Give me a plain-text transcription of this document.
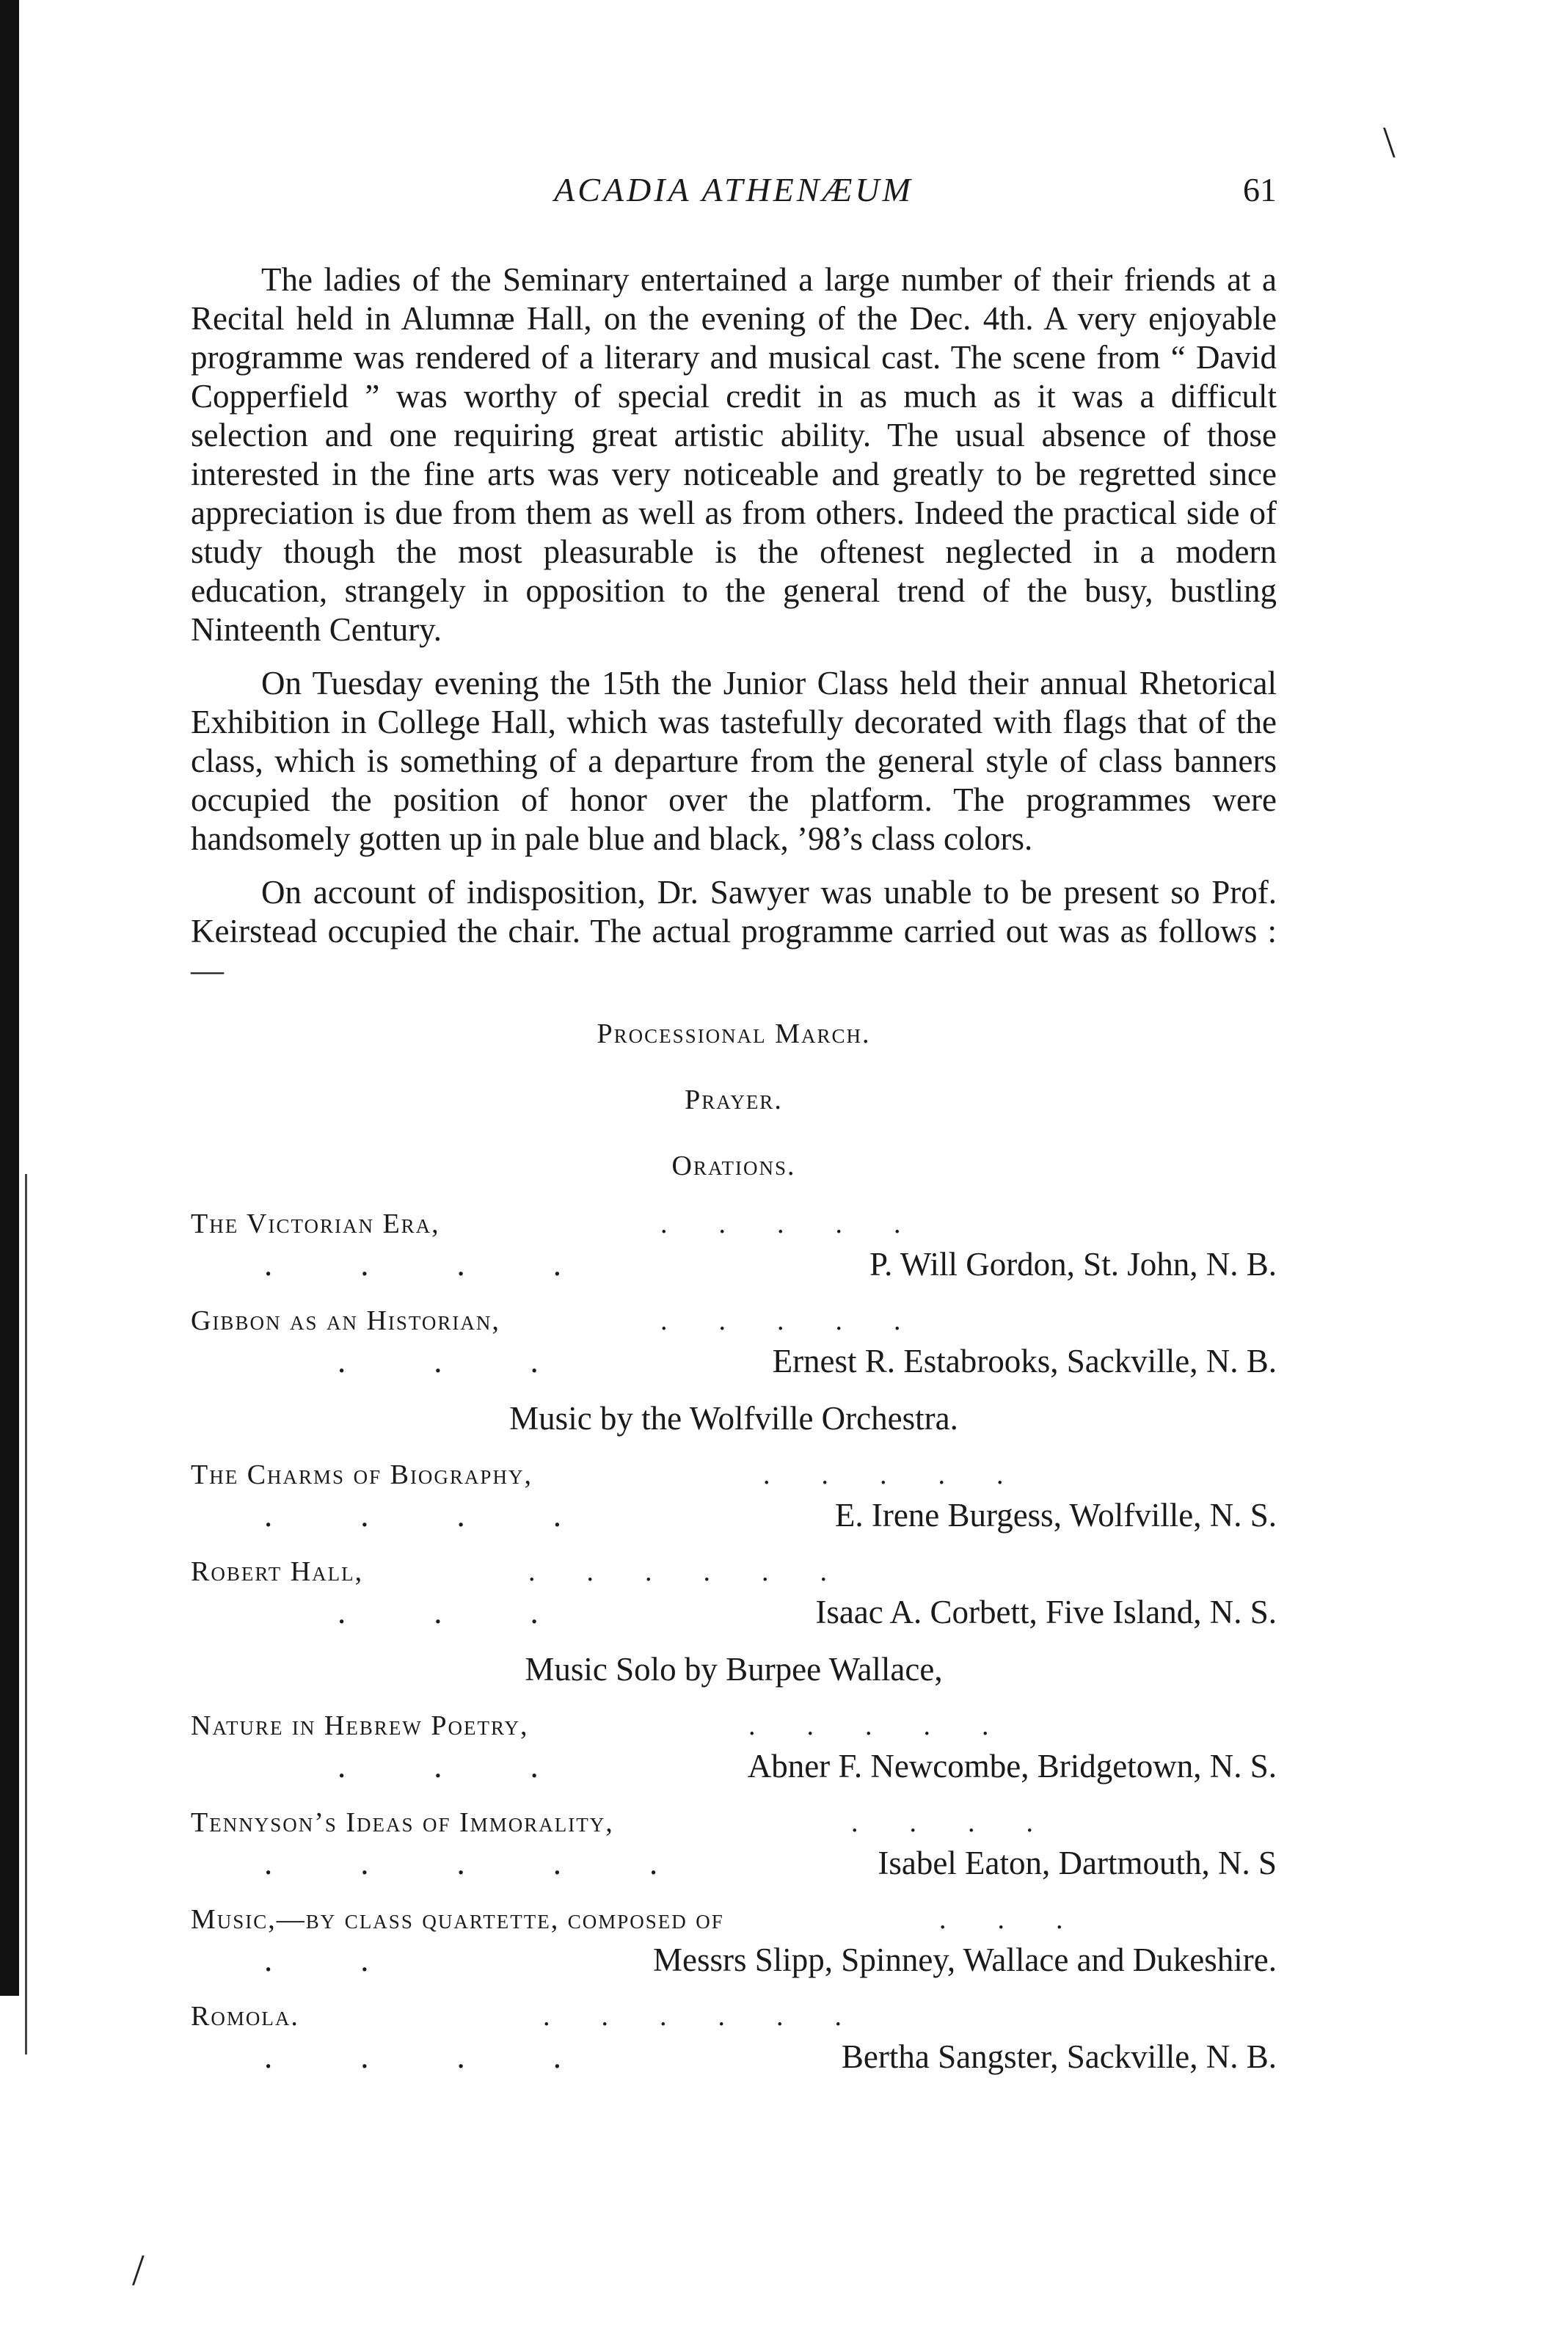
\
/
ACADIA ATHENÆUM	61

The ladies of the Seminary entertained a large number of their friends at a Recital held in Alumnæ Hall, on the evening of the Dec. 4th. A very enjoyable programme was rendered of a literary and musical cast. The scene from “ David Copperfield ” was worthy of special credit in as much as it was a difficult selection and one requiring great artistic ability. The usual absence of those interested in the fine arts was very noticeable and greatly to be regretted since appreciation is due from them as well as from others. Indeed the practical side of study though the most pleasurable is the oftenest neglected in a modern education, strangely in opposition to the general trend of the busy, bustling Ninteenth Century.

On Tuesday evening the 15th the Junior Class held their annual Rhetorical Exhibition in College Hall, which was tastefully decorated with flags that of the class, which is something of a departure from the general style of class banners occupied the position of honor over the platform. The programmes were handsomely gotten up in pale blue and black, ’98’s class colors.

On account of indisposition, Dr. Sawyer was unable to be present so Prof. Keirstead occupied the chair. The actual programme carried out was as follows :—

Processional March.
Prayer.
Orations.
The Victorian Era,	.....
....	P. Will Gordon, St. John, N. B.
Gibbon as an Historian,	.....
...	Ernest R. Estabrooks, Sackville, N. B.
Music by the Wolfville Orchestra.
The Charms of Biography,	.....
....	E. Irene Burgess, Wolfville, N. S.
Robert Hall,	......
...	Isaac A. Corbett, Five Island, N. S.
Music Solo by Burpee Wallace,
Nature in Hebrew Poetry,	.....
...	Abner F. Newcombe, Bridgetown, N. S.
Tennyson’s Ideas of Immorality,	....
.....	Isabel Eaton, Dartmouth, N. S
Music,—by class quartette, composed of	...
..	Messrs Slipp, Spinney, Wallace and Dukeshire.
Romola.	......
....	Bertha Sangster, Sackville, N. B.
